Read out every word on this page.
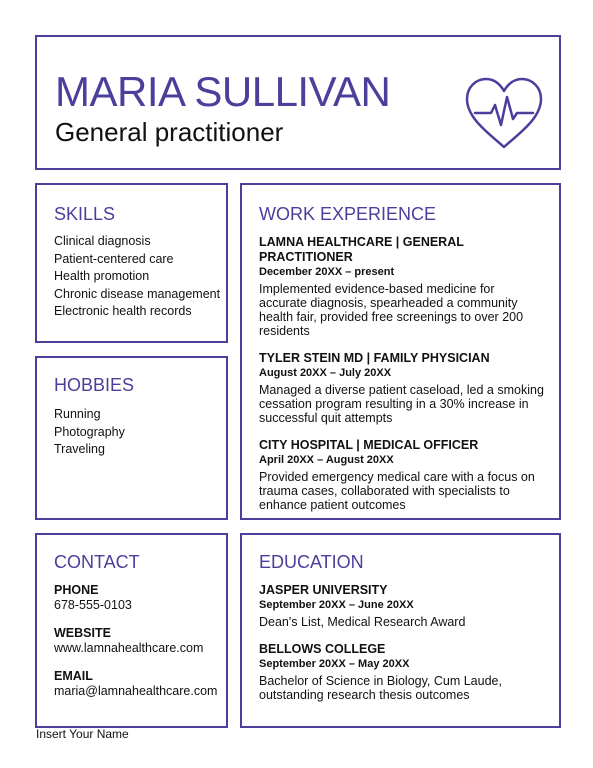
MARIA SULLIVAN
General practitioner
SKILLS
Clinical diagnosis
Patient-centered care
Health promotion
Chronic disease management
Electronic health records
HOBBIES
Running
Photography
Traveling
WORK EXPERIENCE
LAMNA HEALTHCARE | GENERAL PRACTITIONER
December 20XX – present
Implemented evidence-based medicine for accurate diagnosis, spearheaded a community health fair, provided free screenings to over 200 residents
TYLER STEIN MD | FAMILY PHYSICIAN
August 20XX – July 20XX
Managed a diverse patient caseload, led a smoking cessation program resulting in a 30% increase in successful quit attempts
CITY HOSPITAL | MEDICAL OFFICER
April 20XX – August 20XX
Provided emergency medical care with a focus on trauma cases, collaborated with specialists to enhance patient outcomes
CONTACT
PHONE
678-555-0103
WEBSITE
www.lamnahealthcare.com
EMAIL
maria@lamnahealthcare.com
EDUCATION
JASPER UNIVERSITY
September 20XX – June 20XX
Dean's List, Medical Research Award
BELLOWS COLLEGE
September 20XX – May 20XX
Bachelor of Science in Biology, Cum Laude, outstanding research thesis outcomes
Insert Your Name
